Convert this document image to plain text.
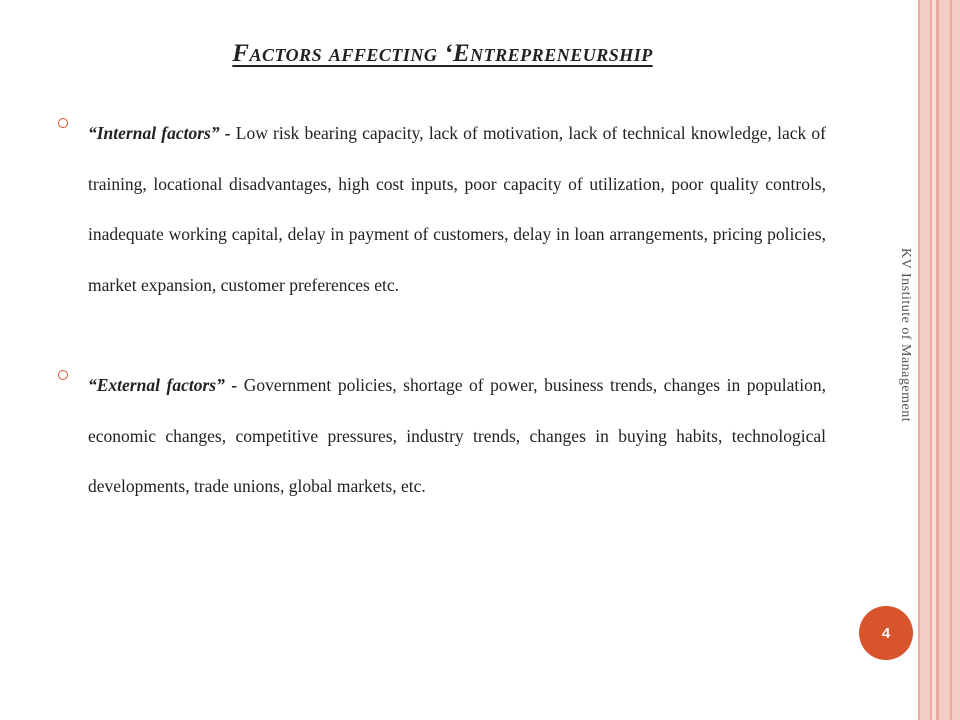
Factors affecting ‘Entrepreneurship

“Internal factors” - Low risk bearing capacity, lack of motivation, lack of technical knowledge, lack of training, locational disadvantages, high cost inputs, poor capacity of utilization, poor quality controls, inadequate working capital, delay in payment of customers, delay in loan arrangements, pricing policies, market expansion, customer preferences etc.

“External factors” - Government policies, shortage of power, business trends, changes in population, economic changes, competitive pressures, industry trends, changes in buying habits, technological developments, trade unions, global markets, etc.

KV Institute of Management
4
